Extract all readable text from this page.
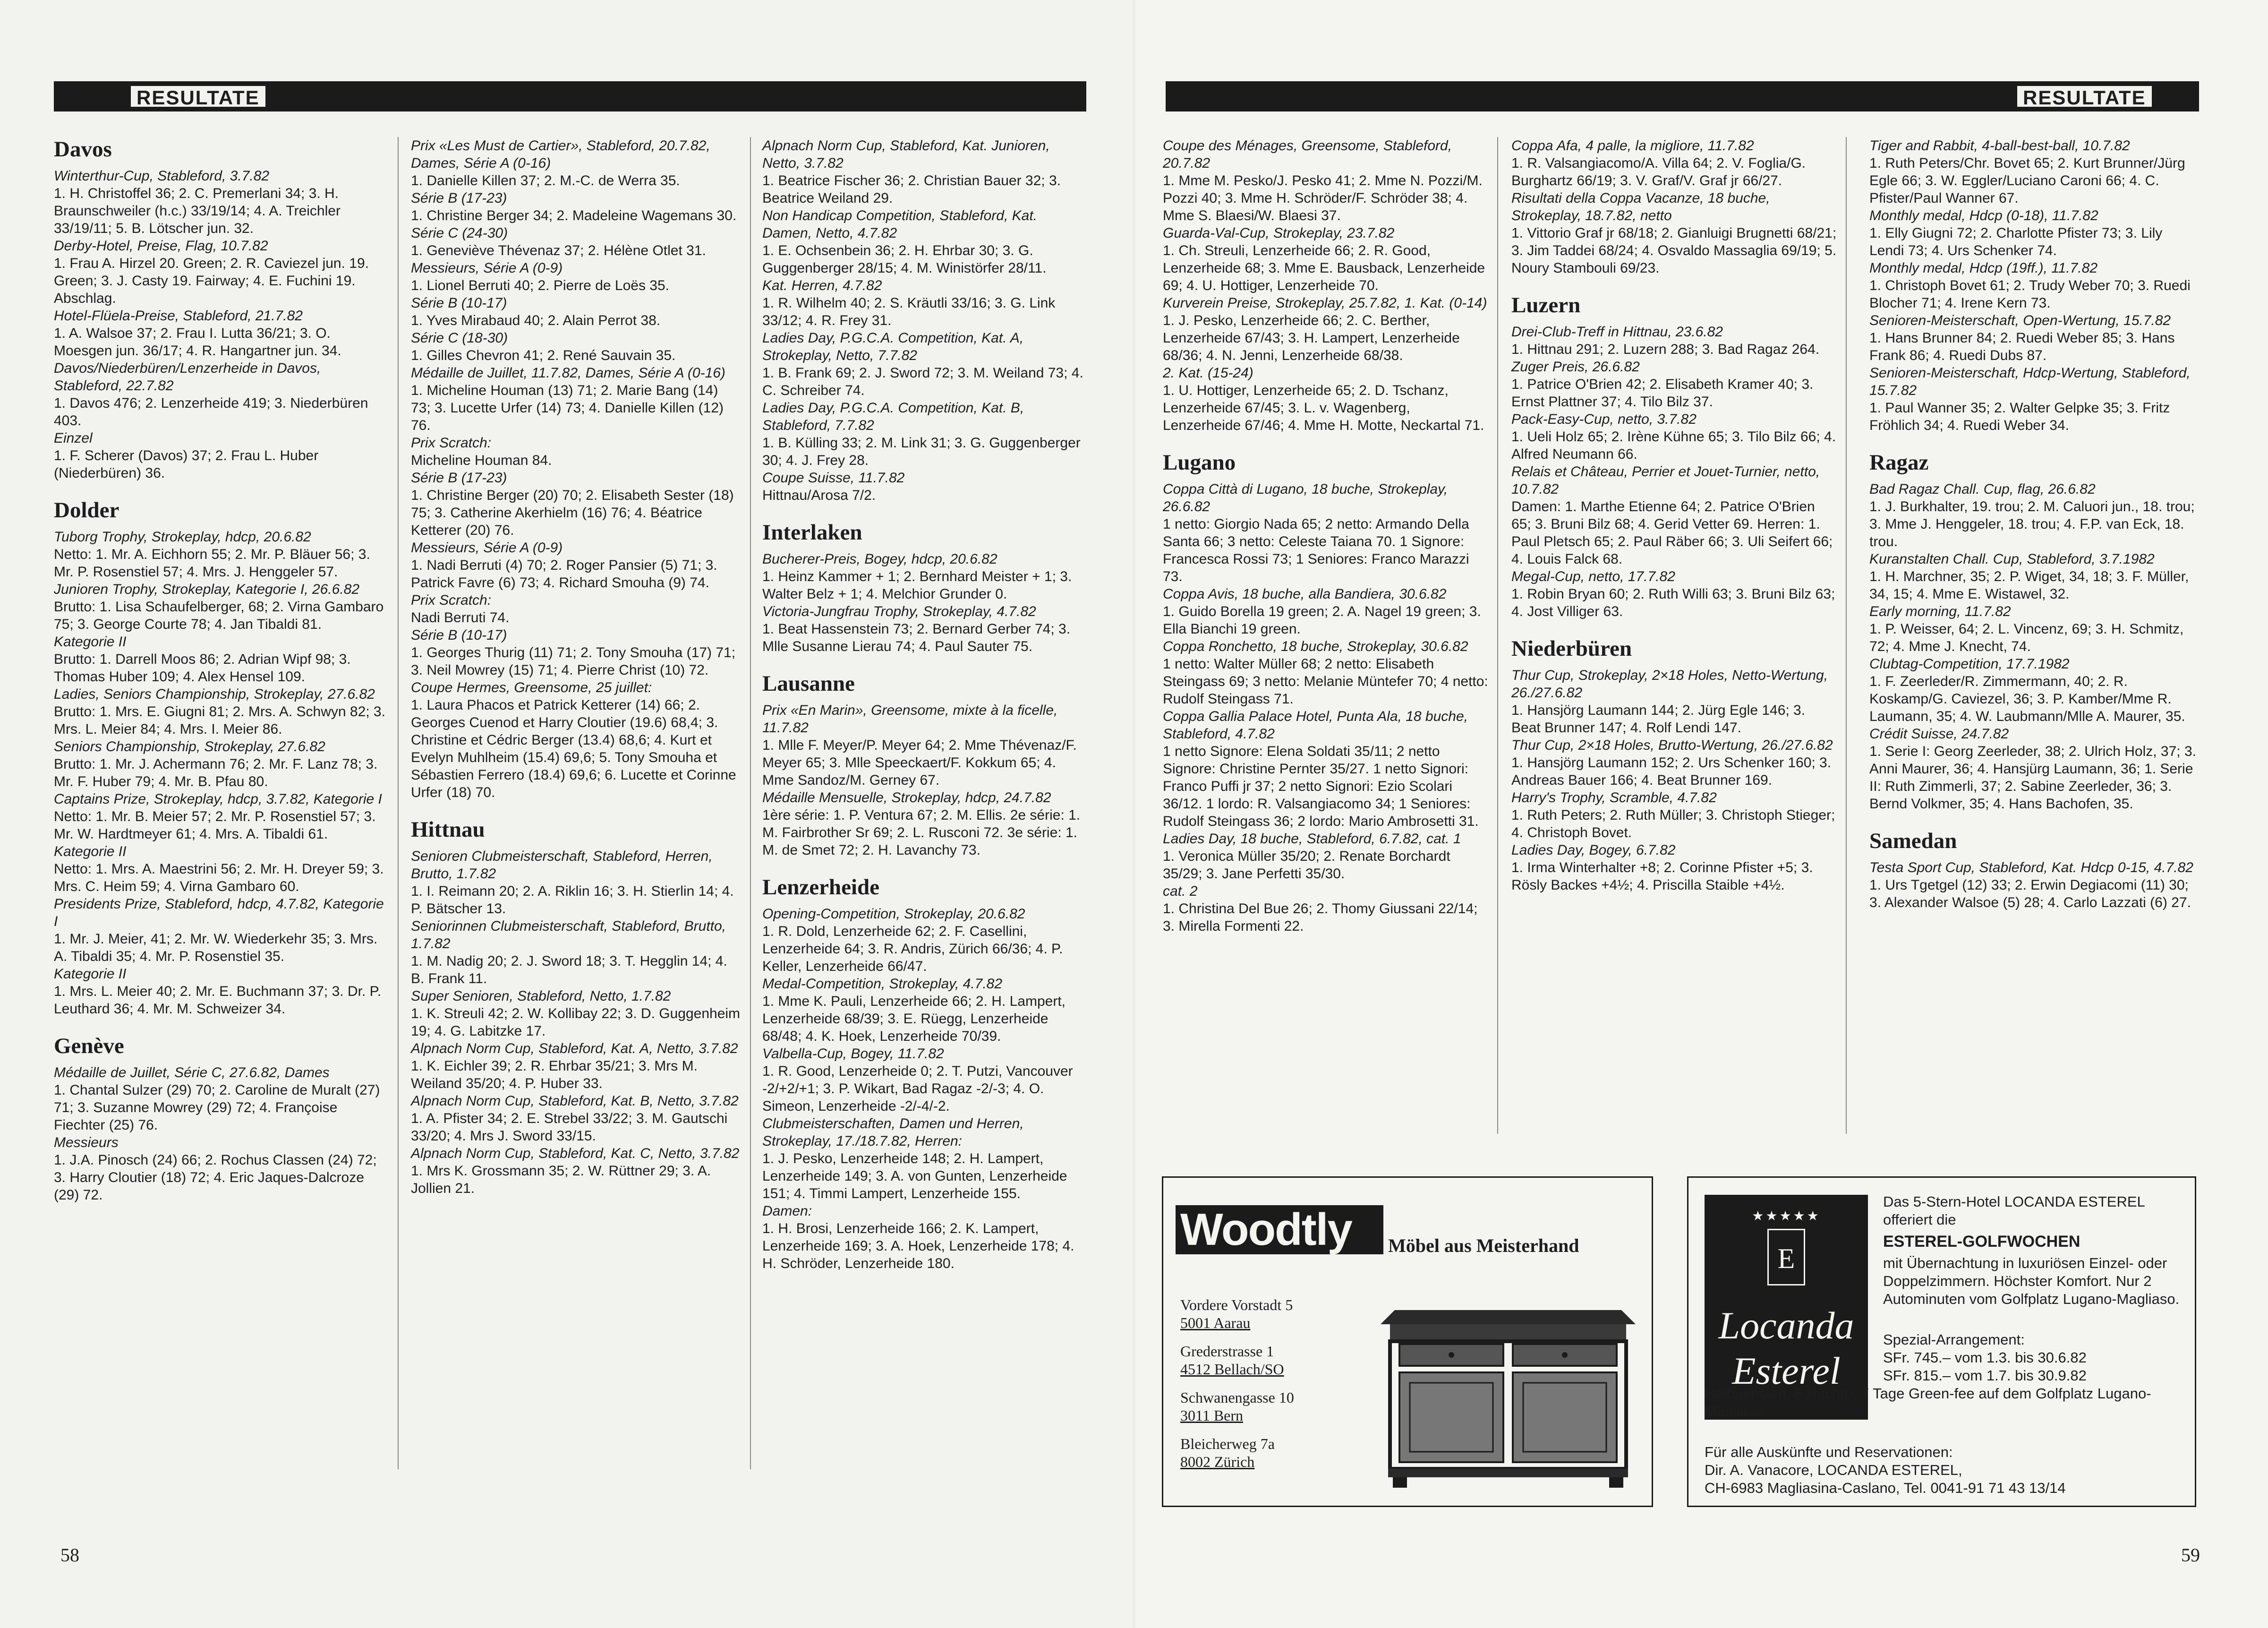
RESULTATE
Davos
Winterthur-Cup, Stableford, 3.7.82
1. H. Christoffel 36; 2. C. Premerlani 34; 3. H. Braunschweiler (h.c.) 33/19/14; 4. A. Treichler 33/19/11; 5. B. Lötscher jun. 32.
Derby-Hotel, Preise, Flag, 10.7.82
1. Frau A. Hirzel 20. Green; 2. R. Caviezel jun. 19. Green; 3. J. Casty 19. Fairway; 4. E. Fuchini 19. Abschlag.
Hotel-Flüela-Preise, Stableford, 21.7.82
1. A. Walsoe 37; 2. Frau I. Lutta 36/21; 3. O. Moesgen jun. 36/17; 4. R. Hangartner jun. 34.
Davos/Niederbüren/Lenzerheide in Davos, Stableford, 22.7.82
1. Davos 476; 2. Lenzerheide 419; 3. Niederbüren 403.
Einzel
1. F. Scherer (Davos) 37; 2. Frau L. Huber (Niederbüren) 36.
Dolder
Tuborg Trophy, Strokeplay, hdcp, 20.6.82
Netto: 1. Mr. A. Eichhorn 55; 2. Mr. P. Bläuer 56; 3. Mr. P. Rosenstiel 57; 4. Mrs. J. Henggeler 57.
Junioren Trophy, Strokeplay, Kategorie I, 26.6.82
Brutto: 1. Lisa Schaufelberger, 68; 2. Virna Gambaro 75; 3. George Courte 78; 4. Jan Tibaldi 81.
Kategorie II
Brutto: 1. Darrell Moos 86; 2. Adrian Wipf 98; 3. Thomas Huber 109; 4. Alex Hensel 109.
Ladies, Seniors Championship, Strokeplay, 27.6.82
Brutto: 1. Mrs. E. Giugni 81; 2. Mrs. A. Schwyn 82; 3. Mrs. L. Meier 84; 4. Mrs. I. Meier 86.
Seniors Championship, Strokeplay, 27.6.82
Brutto: 1. Mr. J. Achermann 76; 2. Mr. F. Lanz 78; 3. Mr. F. Huber 79; 4. Mr. B. Pfau 80.
Captains Prize, Strokeplay, hdcp, 3.7.82, Kategorie I
Netto: 1. Mr. B. Meier 57; 2. Mr. P. Rosenstiel 57; 3. Mr. W. Hardtmeyer 61; 4. Mrs. A. Tibaldi 61.
Kategorie II
Netto: 1. Mrs. A. Maestrini 56; 2. Mr. H. Dreyer 59; 3. Mrs. C. Heim 59; 4. Virna Gambaro 60.
Presidents Prize, Stableford, hdcp, 4.7.82, Kategorie I
1. Mr. J. Meier, 41; 2. Mr. W. Wiederkehr 35; 3. Mrs. A. Tibaldi 35; 4. Mr. P. Rosenstiel 35.
Kategorie II
1. Mrs. L. Meier 40; 2. Mr. E. Buchmann 37; 3. Dr. P. Leuthard 36; 4. Mr. M. Schweizer 34.
Genève
Médaille de Juillet, Série C, 27.6.82, Dames
1. Chantal Sulzer (29) 70; 2. Caroline de Muralt (27) 71; 3. Suzanne Mowrey (29) 72; 4. Françoise Fiechter (25) 76.
Messieurs
1. J.A. Pinosch (24) 66; 2. Rochus Classen (24) 72; 3. Harry Cloutier (18) 72; 4. Eric Jaques-Dalcroze (29) 72.
Prix «Les Must de Cartier», Stableford, 20.7.82, Dames, Série A (0-16)
1. Danielle Killen 37; 2. M.-C. de Werra 35.
Série B (17-23)
1. Christine Berger 34; 2. Madeleine Wagemans 30.
Série C (24-30)
1. Geneviève Thévenaz 37; 2. Hélène Otlet 31.
Messieurs, Série A (0-9)
1. Lionel Berruti 40; 2. Pierre de Loës 35.
Série B (10-17)
1. Yves Mirabaud 40; 2. Alain Perrot 38.
Série C (18-30)
1. Gilles Chevron 41; 2. René Sauvain 35.
Médaille de Juillet, 11.7.82, Dames, Série A (0-16)
1. Micheline Houman (13) 71; 2. Marie Bang (14) 73; 3. Lucette Urfer (14) 73; 4. Danielle Killen (12) 76.
Prix Scratch:
Micheline Houman 84.
Série B (17-23)
1. Christine Berger (20) 70; 2. Elisabeth Sester (18) 75; 3. Catherine Akerhielm (16) 76; 4. Béatrice Ketterer (20) 76.
Messieurs, Série A (0-9)
1. Nadi Berruti (4) 70; 2. Roger Pansier (5) 71; 3. Patrick Favre (6) 73; 4. Richard Smouha (9) 74.
Prix Scratch:
Nadi Berruti 74.
Série B (10-17)
1. Georges Thurig (11) 71; 2. Tony Smouha (17) 71; 3. Neil Mowrey (15) 71; 4. Pierre Christ (10) 72.
Coupe Hermes, Greensome, 25 juillet:
1. Laura Phacos et Patrick Ketterer (14) 66; 2. Georges Cuenod et Harry Cloutier (19.6) 68,4; 3. Christine et Cédric Berger (13.4) 68,6; 4. Kurt et Evelyn Muhlheim (15.4) 69,6; 5. Tony Smouha et Sébastien Ferrero (18.4) 69,6; 6. Lucette et Corinne Urfer (18) 70.
Hittnau
Senioren Clubmeisterschaft, Stableford, Herren, Brutto, 1.7.82
1. I. Reimann 20; 2. A. Riklin 16; 3. H. Stierlin 14; 4. P. Bätscher 13.
Seniorinnen Clubmeisterschaft, Stableford, Brutto, 1.7.82
1. M. Nadig 20; 2. J. Sword 18; 3. T. Hegglin 14; 4. B. Frank 11.
Super Senioren, Stableford, Netto, 1.7.82
1. K. Streuli 42; 2. W. Kollibay 22; 3. D. Guggenheim 19; 4. G. Labitzke 17.
Alpnach Norm Cup, Stableford, Kat. A, Netto, 3.7.82
1. K. Eichler 39; 2. R. Ehrbar 35/21; 3. Mrs M. Weiland 35/20; 4. P. Huber 33.
Alpnach Norm Cup, Stableford, Kat. B, Netto, 3.7.82
1. A. Pfister 34; 2. E. Strebel 33/22; 3. M. Gautschi 33/20; 4. Mrs J. Sword 33/15.
Alpnach Norm Cup, Stableford, Kat. C, Netto, 3.7.82
1. Mrs K. Grossmann 35; 2. W. Rüttner 29; 3. A. Jollien 21.
Alpnach Norm Cup, Stableford, Kat. Junioren, Netto, 3.7.82
1. Beatrice Fischer 36; 2. Christian Bauer 32; 3. Beatrice Weiland 29.
Non Handicap Competition, Stableford, Kat. Damen, Netto, 4.7.82
1. E. Ochsenbein 36; 2. H. Ehrbar 30; 3. G. Guggenberger 28/15; 4. M. Winistörfer 28/11.
Kat. Herren, 4.7.82
1. R. Wilhelm 40; 2. S. Kräutli 33/16; 3. G. Link 33/12; 4. R. Frey 31.
Ladies Day, P.G.C.A. Competition, Kat. A, Strokeplay, Netto, 7.7.82
1. B. Frank 69; 2. J. Sword 72; 3. M. Weiland 73; 4. C. Schreiber 74.
Ladies Day, P.G.C.A. Competition, Kat. B, Stableford, 7.7.82
1. B. Külling 33; 2. M. Link 31; 3. G. Guggenberger 30; 4. J. Frey 28.
Coupe Suisse, 11.7.82
Hittnau/Arosa 7/2.
Interlaken
Bucherer-Preis, Bogey, hdcp, 20.6.82
1. Heinz Kammer + 1; 2. Bernhard Meister + 1; 3. Walter Belz + 1; 4. Melchior Grunder 0.
Victoria-Jungfrau Trophy, Strokeplay, 4.7.82
1. Beat Hassenstein 73; 2. Bernard Gerber 74; 3. Mlle Susanne Lierau 74; 4. Paul Sauter 75.
Lausanne
Prix «En Marin», Greensome, mixte à la ficelle, 11.7.82
1. Mlle F. Meyer/P. Meyer 64; 2. Mme Thévenaz/F. Meyer 65; 3. Mlle Speeckaert/F. Kokkum 65; 4. Mme Sandoz/M. Gerney 67.
Médaille Mensuelle, Strokeplay, hdcp, 24.7.82
1ère série: 1. P. Ventura 67; 2. M. Ellis. 2e série: 1. M. Fairbrother Sr 69; 2. L. Rusconi 72. 3e série: 1. M. de Smet 72; 2. H. Lavanchy 73.
Lenzerheide
Opening-Competition, Strokeplay, 20.6.82
1. R. Dold, Lenzerheide 62; 2. F. Casellini, Lenzerheide 64; 3. R. Andris, Zürich 66/36; 4. P. Keller, Lenzerheide 66/47.
Medal-Competition, Strokeplay, 4.7.82
1. Mme K. Pauli, Lenzerheide 66; 2. H. Lampert, Lenzerheide 68/39; 3. E. Rüegg, Lenzerheide 68/48; 4. K. Hoek, Lenzerheide 70/39.
Valbella-Cup, Bogey, 11.7.82
1. R. Good, Lenzerheide 0; 2. T. Putzi, Vancouver -2/+2/+1; 3. P. Wikart, Bad Ragaz -2/-3; 4. O. Simeon, Lenzerheide -2/-4/-2.
Clubmeisterschaften, Damen und Herren, Strokeplay, 17./18.7.82, Herren:
1. J. Pesko, Lenzerheide 148; 2. H. Lampert, Lenzerheide 149; 3. A. von Gunten, Lenzerheide 151; 4. Timmi Lampert, Lenzerheide 155.
Damen:
1. H. Brosi, Lenzerheide 166; 2. K. Lampert, Lenzerheide 169; 3. A. Hoek, Lenzerheide 178; 4. H. Schröder, Lenzerheide 180.
58
RESULTATE
Coupe des Ménages, Greensome, Stableford, 20.7.82
1. Mme M. Pesko/J. Pesko 41; 2. Mme N. Pozzi/M. Pozzi 40; 3. Mme H. Schröder/F. Schröder 38; 4. Mme S. Blaesi/W. Blaesi 37.
Guarda-Val-Cup, Strokeplay, 23.7.82
1. Ch. Streuli, Lenzerheide 66; 2. R. Good, Lenzerheide 68; 3. Mme E. Bausback, Lenzerheide 69; 4. U. Hottiger, Lenzerheide 70.
Kurverein Preise, Strokeplay, 25.7.82, 1. Kat. (0-14)
1. J. Pesko, Lenzerheide 66; 2. C. Berther, Lenzerheide 67/43; 3. H. Lampert, Lenzerheide 68/36; 4. N. Jenni, Lenzerheide 68/38.
2. Kat. (15-24)
1. U. Hottiger, Lenzerheide 65; 2. D. Tschanz, Lenzerheide 67/45; 3. L. v. Wagenberg, Lenzerheide 67/46; 4. Mme H. Motte, Neckartal 71.
Lugano
Coppa Città di Lugano, 18 buche, Strokeplay, 26.6.82
1 netto: Giorgio Nada 65; 2 netto: Armando Della Santa 66; 3 netto: Celeste Taiana 70. 1 Signore: Francesca Rossi 73; 1 Seniores: Franco Marazzi 73.
Coppa Avis, 18 buche, alla Bandiera, 30.6.82
1. Guido Borella 19 green; 2. A. Nagel 19 green; 3. Ella Bianchi 19 green.
Coppa Ronchetto, 18 buche, Strokeplay, 30.6.82
1 netto: Walter Müller 68; 2 netto: Elisabeth Steingass 69; 3 netto: Melanie Müntefer 70; 4 netto: Rudolf Steingass 71.
Coppa Gallia Palace Hotel, Punta Ala, 18 buche, Stableford, 4.7.82
1 netto Signore: Elena Soldati 35/11; 2 netto Signore: Christine Pernter 35/27. 1 netto Signori: Franco Puffi jr 37; 2 netto Signori: Ezio Scolari 36/12. 1 lordo: R. Valsangiacomo 34; 1 Seniores: Rudolf Steingass 36; 2 lordo: Mario Ambrosetti 31.
Ladies Day, 18 buche, Stableford, 6.7.82, cat. 1
1. Veronica Müller 35/20; 2. Renate Borchardt 35/29; 3. Jane Perfetti 35/30.
cat. 2
1. Christina Del Bue 26; 2. Thomy Giussani 22/14; 3. Mirella Formenti 22.
Coppa Afa, 4 palle, la migliore, 11.7.82
1. R. Valsangiacomo/A. Villa 64; 2. V. Foglia/G. Burghartz 66/19; 3. V. Graf/V. Graf jr 66/27.
Risultati della Coppa Vacanze, 18 buche, Strokeplay, 18.7.82, netto
1. Vittorio Graf jr 68/18; 2. Gianluigi Brugnetti 68/21; 3. Jim Taddei 68/24; 4. Osvaldo Massaglia 69/19; 5. Noury Stambouli 69/23.
Luzern
Drei-Club-Treff in Hittnau, 23.6.82
1. Hittnau 291; 2. Luzern 288; 3. Bad Ragaz 264.
Zuger Preis, 26.6.82
1. Patrice O'Brien 42; 2. Elisabeth Kramer 40; 3. Ernst Plattner 37; 4. Tilo Bilz 37.
Pack-Easy-Cup, netto, 3.7.82
1. Ueli Holz 65; 2. Irène Kühne 65; 3. Tilo Bilz 66; 4. Alfred Neumann 66.
Relais et Château, Perrier et Jouet-Turnier, netto, 10.7.82
Damen: 1. Marthe Etienne 64; 2. Patrice O'Brien 65; 3. Bruni Bilz 68; 4. Gerid Vetter 69. Herren: 1. Paul Pletsch 65; 2. Paul Räber 66; 3. Uli Seifert 66; 4. Louis Falck 68.
Megal-Cup, netto, 17.7.82
1. Robin Bryan 60; 2. Ruth Willi 63; 3. Bruni Bilz 63; 4. Jost Villiger 63.
Niederbüren
Thur Cup, Strokeplay, 2×18 Holes, Netto-Wertung, 26./27.6.82
1. Hansjörg Laumann 144; 2. Jürg Egle 146; 3. Beat Brunner 147; 4. Rolf Lendi 147.
Thur Cup, 2×18 Holes, Brutto-Wertung, 26./27.6.82
1. Hansjörg Laumann 152; 2. Urs Schenker 160; 3. Andreas Bauer 166; 4. Beat Brunner 169.
Harry's Trophy, Scramble, 4.7.82
1. Ruth Peters; 2. Ruth Müller; 3. Christoph Stieger; 4. Christoph Bovet.
Ladies Day, Bogey, 6.7.82
1. Irma Winterhalter +8; 2. Corinne Pfister +5; 3. Rösly Backes +4½; 4. Priscilla Staible +4½.
Tiger and Rabbit, 4-ball-best-ball, 10.7.82
1. Ruth Peters/Chr. Bovet 65; 2. Kurt Brunner/Jürg Egle 66; 3. W. Eggler/Luciano Caroni 66; 4. C. Pfister/Paul Wanner 67.
Monthly medal, Hdcp (0-18), 11.7.82
1. Elly Giugni 72; 2. Charlotte Pfister 73; 3. Lily Lendi 73; 4. Urs Schenker 74.
Monthly medal, Hdcp (19ff.), 11.7.82
1. Christoph Bovet 61; 2. Trudy Weber 70; 3. Ruedi Blocher 71; 4. Irene Kern 73.
Senioren-Meisterschaft, Open-Wertung, 15.7.82
1. Hans Brunner 84; 2. Ruedi Weber 85; 3. Hans Frank 86; 4. Ruedi Dubs 87.
Senioren-Meisterschaft, Hdcp-Wertung, Stableford, 15.7.82
1. Paul Wanner 35; 2. Walter Gelpke 35; 3. Fritz Fröhlich 34; 4. Ruedi Weber 34.
Ragaz
Bad Ragaz Chall. Cup, flag, 26.6.82
1. J. Burkhalter, 19. trou; 2. M. Caluori jun., 18. trou; 3. Mme J. Henggeler, 18. trou; 4. F.P. van Eck, 18. trou.
Kuranstalten Chall. Cup, Stableford, 3.7.1982
1. H. Marchner, 35; 2. P. Wiget, 34, 18; 3. F. Müller, 34, 15; 4. Mme E. Wistawel, 32.
Early morning, 11.7.82
1. P. Weisser, 64; 2. L. Vincenz, 69; 3. H. Schmitz, 72; 4. Mme J. Knecht, 74.
Clubtag-Competition, 17.7.1982
1. F. Zeerleder/R. Zimmermann, 40; 2. R. Koskamp/G. Caviezel, 36; 3. P. Kamber/Mme R. Laumann, 35; 4. W. Laubmann/Mlle A. Maurer, 35.
Crédit Suisse, 24.7.82
1. Serie I: Georg Zeerleder, 38; 2. Ulrich Holz, 37; 3. Anni Maurer, 36; 4. Hansjürg Laumann, 36; 1. Serie II: Ruth Zimmerli, 37; 2. Sabine Zeerleder, 36; 3. Bernd Volkmer, 35; 4. Hans Bachofen, 35.
Samedan
Testa Sport Cup, Stableford, Kat. Hdcp 0-15, 4.7.82
1. Urs Tgetgel (12) 33; 2. Erwin Degiacomi (11) 30; 3. Alexander Walsoe (5) 28; 4. Carlo Lazzati (6) 27.
Woodtly	Möbel aus Meisterhand
Vordere Vorstadt 5
5001 Aarau
Grederstrasse 1
4512 Bellach/SO
Schwanengasse 10
3011 Bern
Bleicherweg 7a
8002 Zürich
★★★★★
E
Locanda
Esterel
Das 5-Stern-Hotel LOCANDA ESTEREL offeriert die
ESTEREL-GOLFWOCHEN
mit Übernachtung in luxuriösen Einzel- oder Doppelzimmern. Höchster Komfort. Nur 2 Autominuten vom Golfplatz Lugano-Magliaso.
Spezial-Arrangement:
SFr. 745.– vom 1.3. bis 30.6.82
SFr. 815.– vom 1.7. bis 30.9.82
Halbpension, 6 Nächte, 7 Tage Green-fee auf dem Golfplatz Lugano-Magliaso.
Für alle Auskünfte und Reservationen:
Dir. A. Vanacore, LOCANDA ESTEREL,
CH-6983 Magliasina-Caslano, Tel. 0041-91 71 43 13/14
59
